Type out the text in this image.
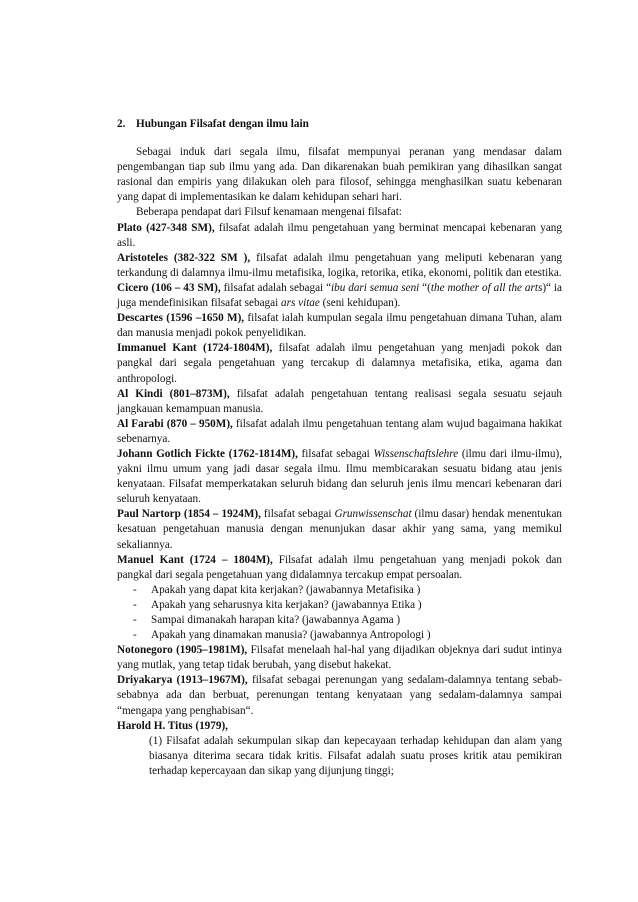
2. Hubungan Filsafat dengan ilmu lain

Sebagai induk dari segala ilmu, filsafat mempunyai peranan yang mendasar dalam pengembangan tiap sub ilmu yang ada. Dan dikarenakan buah pemikiran yang dihasilkan sangat rasional dan empiris yang dilakukan oleh para filosof, sehingga menghasilkan suatu kebenaran yang dapat di implementasikan ke dalam kehidupan sehari hari.

Beberapa pendapat dari Filsuf kenamaan mengenai filsafat:

Plato (427-348 SM), filsafat adalah ilmu pengetahuan yang berminat mencapai kebenaran yang asli.

Aristoteles (382-322 SM ), filsafat adalah ilmu pengetahuan yang meliputi kebenaran yang terkandung di dalamnya ilmu-ilmu metafisika, logika, retorika, etika, ekonomi, politik dan etestika.

Cicero (106 – 43 SM), filsafat adalah sebagai “ibu dari semua seni “(the mother of all the arts)“ ia juga mendefinisikan filsafat sebagai ars vitae (seni kehidupan).

Descartes (1596 –1650 M), filsafat ialah kumpulan segala ilmu pengetahuan dimana Tuhan, alam dan manusia menjadi pokok penyelidikan.

Immanuel Kant (1724-1804M), filsafat adalah ilmu pengetahuan yang menjadi pokok dan pangkal dari segala pengetahuan yang tercakup di dalamnya metafisika, etika, agama dan anthropologi.

Al Kindi (801–873M), filsafat adalah pengetahuan tentang realisasi segala sesuatu sejauh jangkauan kemampuan manusia.

Al Farabi (870 – 950M), filsafat adalah ilmu pengetahuan tentang alam wujud bagaimana hakikat sebenarnya.

Johann Gotlich Fickte (1762-1814M), filsafat sebagai Wissenschaftslehre (ilmu dari ilmu-ilmu), yakni ilmu umum yang jadi dasar segala ilmu. Ilmu membicarakan sesuatu bidang atau jenis kenyataan. Filsafat memperkatakan seluruh bidang dan seluruh jenis ilmu mencari kebenaran dari seluruh kenyataan.

Paul Nartorp (1854 – 1924M), filsafat sebagai Grunwissenschat (ilmu dasar) hendak menentukan kesatuan pengetahuan manusia dengan menunjukan dasar akhir yang sama, yang memikul sekaliannya.

Manuel Kant (1724 – 1804M), Filsafat adalah ilmu pengetahuan yang menjadi pokok dan pangkal dari segala pengetahuan yang didalamnya tercakup empat persoalan.

-	Apakah yang dapat kita kerjakan? (jawabannya Metafisika )
-	Apakah yang seharusnya kita kerjakan? (jawabannya Etika )
-	Sampai dimanakah harapan kita? (jawabannya Agama )
-	Apakah yang dinamakan manusia? (jawabannya Antropologi )

Notonegoro (1905–1981M), Filsafat menelaah hal-hal yang dijadikan objeknya dari sudut intinya yang mutlak, yang tetap tidak berubah, yang disebut hakekat.

Driyakarya (1913–1967M), filsafat sebagai perenungan yang sedalam-dalamnya tentang sebab-sebabnya ada dan berbuat, perenungan tentang kenyataan yang sedalam-dalamnya sampai “mengapa yang penghabisan“.

Harold H. Titus (1979),

(1) Filsafat adalah sekumpulan sikap dan kepecayaan terhadap kehidupan dan alam yang biasanya diterima secara tidak kritis. Filsafat adalah suatu proses kritik atau pemikiran terhadap kepercayaan dan sikap yang dijunjung tinggi;
